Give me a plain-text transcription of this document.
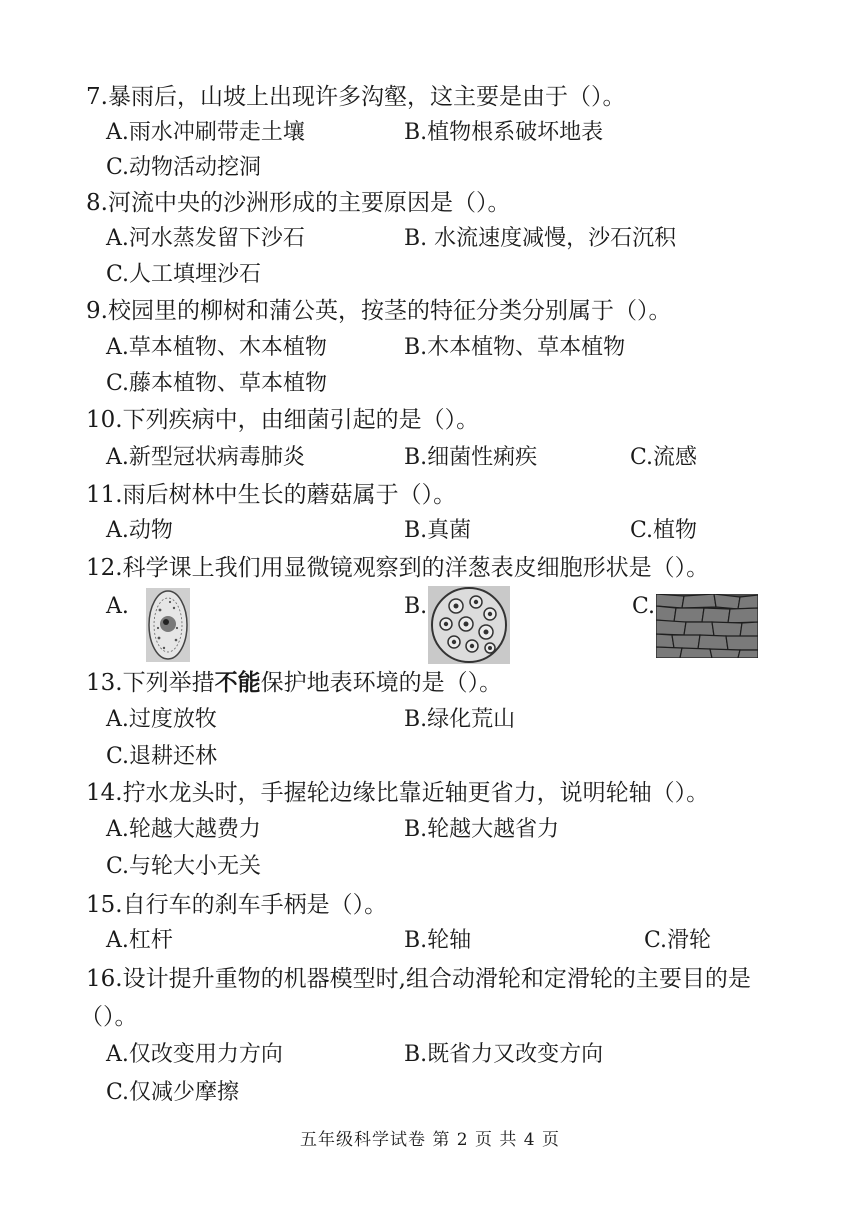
7.暴雨后，山坡上出现许多沟壑，这主要是由于（）。
A.雨水冲刷带走土壤	B.植物根系破坏地表
C.动物活动挖洞
8.河流中央的沙洲形成的主要原因是（）。
A.河水蒸发留下沙石	B. 水流速度减慢，沙石沉积
C.人工填埋沙石
9.校园里的柳树和蒲公英，按茎的特征分类分别属于（）。
A.草本植物、木本植物	B.木本植物、草本植物
C.藤本植物、草本植物
10.下列疾病中，由细菌引起的是（）。
A.新型冠状病毒肺炎	B.细菌性痢疾	C.流感
11.雨后树林中生长的蘑菇属于（）。
A.动物	B.真菌	C.植物
12.科学课上我们用显微镜观察到的洋葱表皮细胞形状是（）。
A.	B.	C.
13.下列举措不能保护地表环境的是（）。
A.过度放牧	B.绿化荒山
C.退耕还林
14.拧水龙头时，手握轮边缘比靠近轴更省力，说明轮轴（）。
A.轮越大越费力	B.轮越大越省力
C.与轮大小无关
15.自行车的刹车手柄是（）。
A.杠杆	B.轮轴	C.滑轮
16.设计提升重物的机器模型时,组合动滑轮和定滑轮的主要目的是
（）。
A.仅改变用力方向	B.既省力又改变方向
C.仅减少摩擦
五年级科学试卷 第 2 页 共 4 页
